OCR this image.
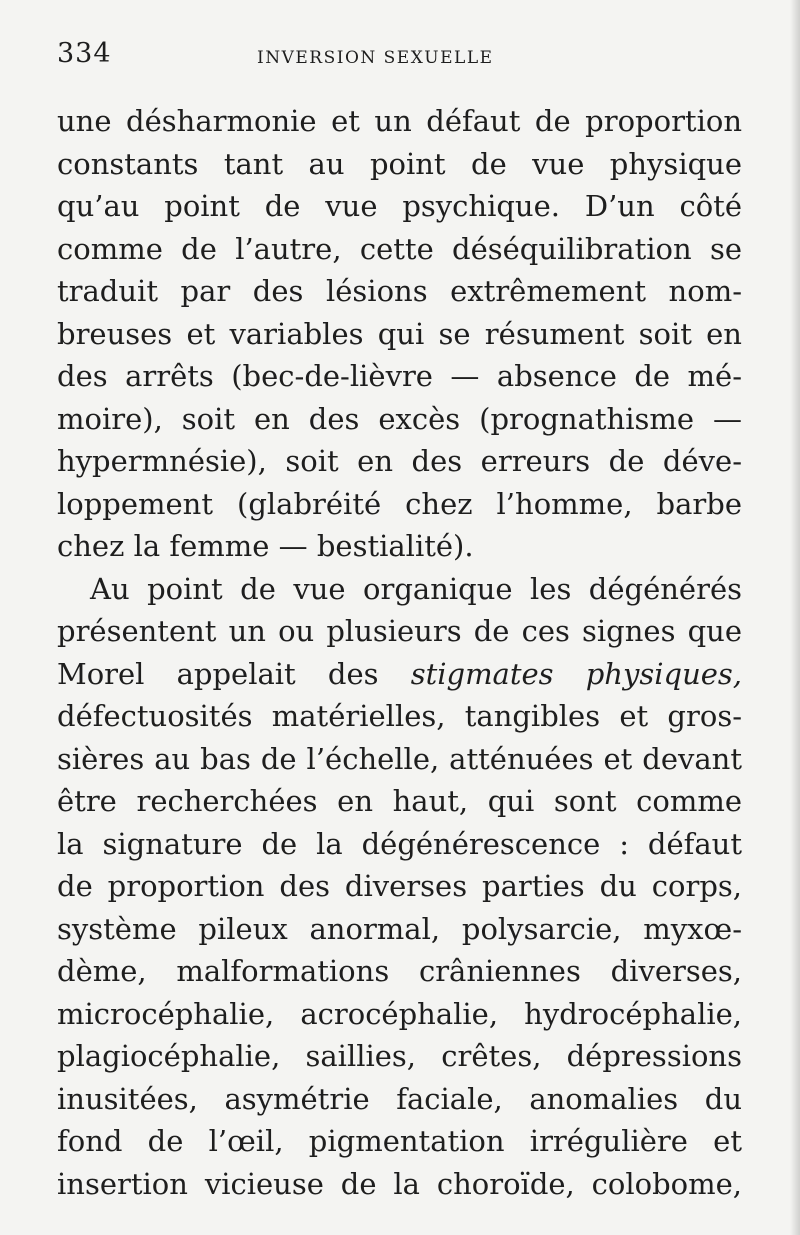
334	INVERSION SEXUELLE
une désharmonie et un défaut de proportion
constants tant au point de vue physique
qu’au point de vue psychique. D’un côté
comme de l’autre, cette déséquilibration se
traduit par des lésions extrêmement nom-
breuses et variables qui se résument soit en
des arrêts (bec-de-lièvre — absence de mé-
moire), soit en des excès (prognathisme —
hypermnésie), soit en des erreurs de déve-
loppement (glabréité chez l’homme, barbe
chez la femme — bestialité).
Au point de vue organique les dégénérés
présentent un ou plusieurs de ces signes que
Morel appelait des stigmates physiques,
défectuosités matérielles, tangibles et gros-
sières au bas de l’échelle, atténuées et devant
être recherchées en haut, qui sont comme
la signature de la dégénérescence : défaut
de proportion des diverses parties du corps,
système pileux anormal, polysarcie, myxœ-
dème, malformations crâniennes diverses,
microcéphalie, acrocéphalie, hydrocéphalie,
plagiocéphalie, saillies, crêtes, dépressions
inusitées, asymétrie faciale, anomalies du
fond de l’œil, pigmentation irrégulière et
insertion vicieuse de la choroïde, colobome,
